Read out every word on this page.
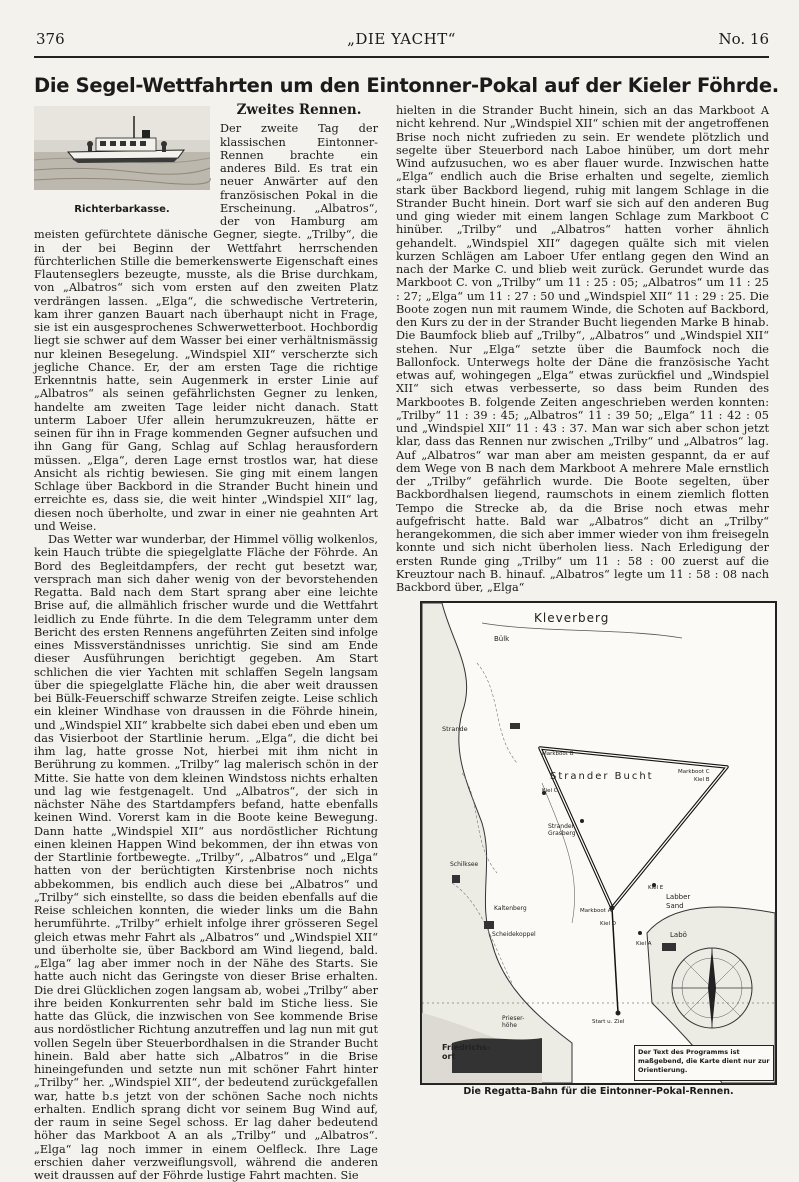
376	„DIE YACHT“	No. 16
Die Segel-Wettfahrten um den Eintonner-Pokal auf der Kieler Föhrde.
Richterbarkasse.
Zweites Rennen.

Der zweite Tag der klassischen Eintonner-Rennen brachte ein anderes Bild. Es trat ein neuer Anwärter auf den französischen Pokal in die Erscheinung. „Albatros“, der von Hamburg am meisten gefürchtete dänische Gegner, siegte. „Trilby“, die in der bei Beginn der Wettfahrt herrschenden fürchterlichen Stille die bemerkenswerte Eigenschaft eines Flautenseglers bezeugte, musste, als die Brise durchkam, von „Albatros“ sich vom ersten auf den zweiten Platz verdrängen lassen. „Elga“, die schwedische Vertreterin, kam ihrer ganzen Bauart nach überhaupt nicht in Frage, sie ist ein ausgesprochenes Schwerwetterboot. Hochbordig liegt sie schwer auf dem Wasser bei einer verhältnismässig nur kleinen Besegelung. „Windspiel XII“ verscherzte sich jegliche Chance. Er, der am ersten Tage die richtige Erkenntnis hatte, sein Augenmerk in erster Linie auf „Albatros“ als seinen gefährlichsten Gegner zu lenken, handelte am zweiten Tage leider nicht danach. Statt unterm Laboer Ufer allein herumzukreuzen, hätte er seinen für ihn in Frage kommenden Gegner aufsuchen und ihn Gang für Gang, Schlag auf Schlag herausfordern müssen. „Elga“, deren Lage ernst trostlos war, hat diese Ansicht als richtig bewiesen. Sie ging mit einem langen Schlage über Backbord in die Strander Bucht hinein und erreichte es, dass sie, die weit hinter „Windspiel XII“ lag, diesen noch überholte, und zwar in einer nie geahnten Art und Weise.

Das Wetter war wunderbar, der Himmel völlig wolkenlos, kein Hauch trübte die spiegelglatte Fläche der Föhrde. An Bord des Begleitdampfers, der recht gut besetzt war, versprach man sich daher wenig von der bevorstehenden Regatta. Bald nach dem Start sprang aber eine leichte Brise auf, die allmählich frischer wurde und die Wettfahrt leidlich zu Ende führte. In die dem Telegramm unter dem Bericht des ersten Rennens angeführten Zeiten sind infolge eines Missverständnisses unrichtig. Sie sind am Ende dieser Ausführungen berichtigt gegeben. Am Start schlichen die vier Yachten mit schlaffen Segeln langsam über die spiegelglatte Fläche hin, die aber weit draussen bei Bülk-Feuerschiff schwarze Streifen zeigte. Leise schlich ein kleiner Windhase von draussen in die Föhrde hinein, und „Windspiel XII“ krabbelte sich dabei eben und eben um das Visierboot der Startlinie herum. „Elga“, die dicht bei ihm lag, hatte grosse Not, hierbei mit ihm nicht in Berührung zu kommen. „Trilby“ lag malerisch schön in der Mitte. Sie hatte von dem kleinen Windstoss nichts erhalten und lag wie festgenagelt. Und „Albatros“, der sich in nächster Nähe des Startdampfers befand, hatte ebenfalls keinen Wind. Vorerst kam in die Boote keine Bewegung. Dann hatte „Windspiel XII“ aus nordöstlicher Richtung einen kleinen Happen Wind bekommen, der ihn etwas von der Startlinie fortbewegte. „Trilby“, „Albatros“ und „Elga“ hatten von der berüchtigten Kirstenbrise noch nichts abbekommen, bis endlich auch diese bei „Albatros“ und „Trilby“ sich einstellte, so dass die beiden ebenfalls auf die Reise schleichen konnten, die wieder links um die Bahn herumführte. „Trilby“ erhielt infolge ihrer grösseren Segel gleich etwas mehr Fahrt als „Albatros“ und „Windspiel XII“ und überholte sie, über Backbord am Wind liegend, bald. „Elga“ lag aber immer noch in der Nähe des Starts. Sie hatte auch nicht das Geringste von dieser Brise erhalten. Die drei Glücklichen zogen langsam ab, wobei „Trilby“ aber ihre beiden Konkurrenten sehr bald im Stiche liess. Sie hatte das Glück, die inzwischen von See kommende Brise aus nordöstlicher Richtung anzutreffen und lag nun mit gut vollen Segeln über Steuerbordhalsen in die Strander Bucht hinein. Bald aber hatte sich „Albatros“ in die Brise hineingefunden und setzte nun mit schöner Fahrt hinter „Trilby“ her. „Windspiel XII“, der bedeutend zurückgefallen war, hatte b.s jetzt von der schönen Sache noch nichts erhalten. Endlich sprang dicht vor seinem Bug Wind auf, der raum in seine Segel schoss. Er lag daher bedeutend höher das Markboot A an als „Trilby“ und „Albatros“. „Elga“ lag noch immer in einem Oelfleck. Ihre Lage erschien daher verzweiflungsvoll, während die anderen weit draussen auf der Föhrde lustige Fahrt machten. Sie

hielten in die Strander Bucht hinein, sich an das Markboot A nicht kehrend. Nur „Windspiel XII“ schien mit der angetroffenen Brise noch nicht zufrieden zu sein. Er wendete plötzlich und segelte über Steuerbord nach Laboe hinüber, um dort mehr Wind aufzusuchen, wo es aber flauer wurde. Inzwischen hatte „Elga“ endlich auch die Brise erhalten und segelte, ziemlich stark über Backbord liegend, ruhig mit langem Schlage in die Strander Bucht hinein. Dort warf sie sich auf den anderen Bug und ging wieder mit einem langen Schlage zum Markboot C hinüber. „Trilby“ und „Albatros“ hatten vorher ähnlich gehandelt. „Windspiel XII“ dagegen quälte sich mit vielen kurzen Schlägen am Laboer Ufer entlang gegen den Wind an nach der Marke C. und blieb weit zurück. Gerundet wurde das Markboot C. von „Trilby“ um 11 : 25 : 05; „Albatros“ um 11 : 25 : 27; „Elga“ um 11 : 27 : 50 und „Windspiel XII“ 11 : 29 : 25. Die Boote zogen nun mit raumem Winde, die Schoten auf Backbord, den Kurs zu der in der Strander Bucht liegenden Marke B hinab. Die Baumfock blieb auf „Trilby“, „Albatros“ und „Windspiel XII“ stehen. Nur „Elga“ setzte über die Baumfock noch die Ballonfock. Unterwegs holte der Däne die französische Yacht etwas auf, wohingegen „Elga“ etwas zurückfiel und „Windspiel XII“ sich etwas verbesserte, so dass beim Runden des Markbootes B. folgende Zeiten angeschrieben werden konnten: „Trilby“ 11 : 39 : 45; „Albatros“ 11 : 39 50; „Elga“ 11 : 42 : 05 und „Windspiel XII“ 11 : 43 : 37. Man war sich aber schon jetzt klar, dass das Rennen nur zwischen „Trilby“ und „Albatros“ lag. Auf „Albatros“ war man aber am meisten gespannt, da er auf dem Wege von B nach dem Markboot A mehrere Male ernstlich der „Trilby“ gefährlich wurde. Die Boote segelten, über Backbordhalsen liegend, raumschots in einem ziemlich flotten Tempo die Strecke ab, da die Brise noch etwas mehr aufgefrischt hatte. Bald war „Albatros“ dicht an „Trilby“ herangekommen, die sich aber immer wieder von ihm freisegeln konnte und sich nicht überholen liess. Nach Erledigung der ersten Runde ging „Trilby“ um 11 : 58 : 00 zuerst auf die Kreuztour nach B. hinauf. „Albatros“ legte um 11 : 58 : 08 nach Backbord über, „Elga“

Kleverberg
Bülk
Strande
Strander Bucht
Markboot B
Kiel C
Markboot C
Kiel B
Strander Grasberg
Schilksee
Kiel D
Markboot A
Kiel A
Kiel E
Labber Sand
Labö
Kaltenberg
Scheidekoppel
Prieser-höhe	Start u. Ziel
Friedrichs-ort	Der Text des Programms ist maßgebend, die Karte dient nur zur Orientierung.
Die Regatta-Bahn für die Eintonner-Pokal-Rennen.
